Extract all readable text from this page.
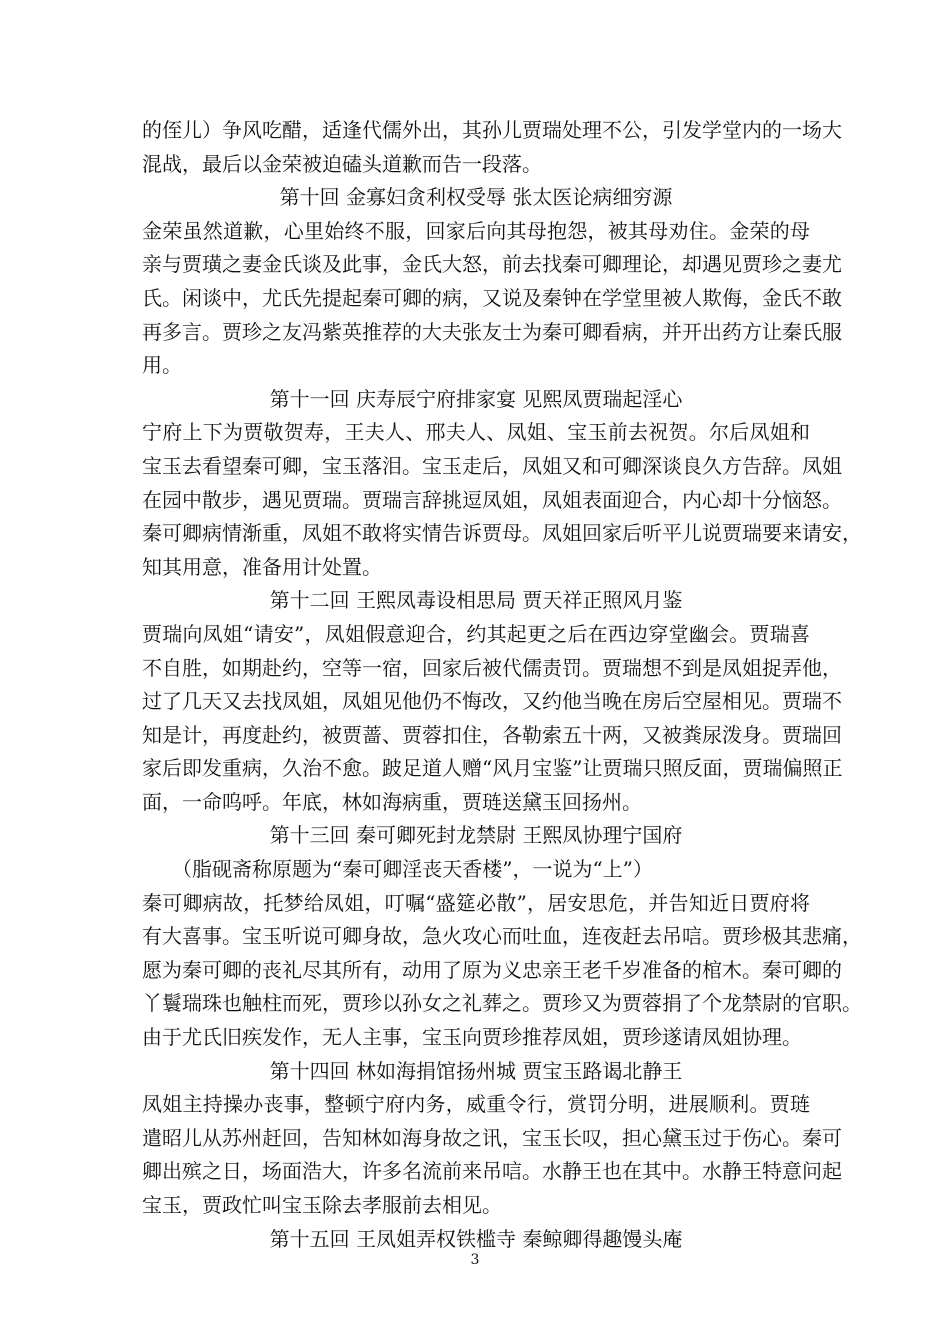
的侄儿）争风吃醋，适逢代儒外出，其孙儿贾瑞处理不公，引发学堂内的一场大

混战，最后以金荣被迫磕头道歉而告一段落。

第十回 金寡妇贪利权受辱 张太医论病细穷源

金荣虽然道歉，心里始终不服，回家后向其母抱怨，被其母劝住。金荣的母

亲与贾璜之妻金氏谈及此事，金氏大怒，前去找秦可卿理论，却遇见贾珍之妻尤

氏。闲谈中，尤氏先提起秦可卿的病，又说及秦钟在学堂里被人欺侮，金氏不敢

再多言。贾珍之友冯紫英推荐的大夫张友士为秦可卿看病，并开出药方让秦氏服

用。

第十一回 庆寿辰宁府排家宴 见熙凤贾瑞起淫心

宁府上下为贾敬贺寿，王夫人、邢夫人、凤姐、宝玉前去祝贺。尔后凤姐和

宝玉去看望秦可卿，宝玉落泪。宝玉走后，凤姐又和可卿深谈良久方告辞。凤姐

在园中散步，遇见贾瑞。贾瑞言辞挑逗凤姐，凤姐表面迎合，内心却十分恼怒。

秦可卿病情渐重，凤姐不敢将实情告诉贾母。凤姐回家后听平儿说贾瑞要来请安，

知其用意，准备用计处置。

第十二回 王熙凤毒设相思局 贾天祥正照风月鉴

贾瑞向凤姐“请安”，凤姐假意迎合，约其起更之后在西边穿堂幽会。贾瑞喜

不自胜，如期赴约，空等一宿，回家后被代儒责罚。贾瑞想不到是凤姐捉弄他，

过了几天又去找凤姐，凤姐见他仍不悔改，又约他当晚在房后空屋相见。贾瑞不

知是计，再度赴约，被贾蔷、贾蓉扣住，各勒索五十两，又被粪尿泼身。贾瑞回

家后即发重病，久治不愈。跛足道人赠“风月宝鉴”让贾瑞只照反面，贾瑞偏照正

面，一命呜呼。年底，林如海病重，贾琏送黛玉回扬州。

第十三回 秦可卿死封龙禁尉 王熙凤协理宁国府

（脂砚斋称原题为“秦可卿淫丧天香楼”，一说为“上”）

秦可卿病故，托梦给凤姐，叮嘱“盛筵必散”，居安思危，并告知近日贾府将

有大喜事。宝玉听说可卿身故，急火攻心而吐血，连夜赶去吊唁。贾珍极其悲痛，

愿为秦可卿的丧礼尽其所有，动用了原为义忠亲王老千岁准备的棺木。秦可卿的

丫鬟瑞珠也触柱而死，贾珍以孙女之礼葬之。贾珍又为贾蓉捐了个龙禁尉的官职。

由于尤氏旧疾发作，无人主事，宝玉向贾珍推荐凤姐，贾珍遂请凤姐协理。

第十四回 林如海捐馆扬州城 贾宝玉路谒北静王

凤姐主持操办丧事，整顿宁府内务，威重令行，赏罚分明，进展顺利。贾琏

遣昭儿从苏州赶回，告知林如海身故之讯，宝玉长叹，担心黛玉过于伤心。秦可

卿出殡之日，场面浩大，许多名流前来吊唁。水静王也在其中。水静王特意问起

宝玉，贾政忙叫宝玉除去孝服前去相见。

第十五回 王凤姐弄权铁槛寺 秦鲸卿得趣馒头庵

3
